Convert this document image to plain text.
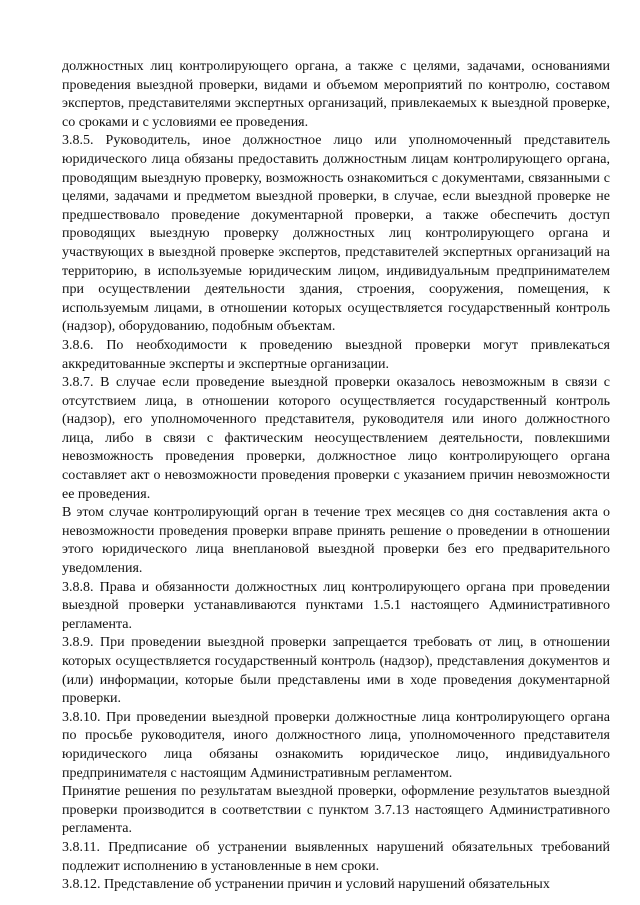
должностных лиц контролирующего органа, а также с целями, задачами, основаниями проведения выездной проверки, видами и объемом мероприятий по контролю, составом экспертов, представителями экспертных организаций, привлекаемых к выездной проверке, со сроками и с условиями ее проведения.

3.8.5. Руководитель, иное должностное лицо или уполномоченный представитель юридического лица обязаны предоставить должностным лицам контролирующего органа, проводящим выездную проверку, возможность ознакомиться с документами, связанными с целями, задачами и предметом выездной проверки, в случае, если выездной проверке не предшествовало проведение документарной проверки, а также обеспечить доступ проводящих выездную проверку должностных лиц контролирующего органа и участвующих в выездной проверке экспертов, представителей экспертных организаций на территорию, в используемые юридическим лицом, индивидуальным предпринимателем при осуществлении деятельности здания, строения, сооружения, помещения, к используемым лицами, в отношении которых осуществляется государственный контроль (надзор), оборудованию, подобным объектам.

3.8.6. По необходимости к проведению выездной проверки могут привлекаться аккредитованные эксперты и экспертные организации.

3.8.7. В случае если проведение выездной проверки оказалось невозможным в связи с отсутствием лица, в отношении которого осуществляется государственный контроль (надзор), его уполномоченного представителя, руководителя или иного должностного лица, либо в связи с фактическим неосуществлением деятельности, повлекшими невозможность проведения проверки, должностное лицо контролирующего органа составляет акт о невозможности проведения проверки с указанием причин невозможности ее проведения.

В этом случае контролирующий орган в течение трех месяцев со дня составления акта о невозможности проведения проверки вправе принять решение о проведении в отношении этого юридического лица внеплановой выездной проверки без его предварительного уведомления.

3.8.8. Права и обязанности должностных лиц контролирующего органа при проведении выездной проверки устанавливаются пунктами 1.5.1 настоящего Административного регламента.

3.8.9. При проведении выездной проверки запрещается требовать от лиц, в отношении которых осуществляется государственный контроль (надзор), представления документов и (или) информации, которые были представлены ими в ходе проведения документарной проверки.

3.8.10. При проведении выездной проверки должностные лица контролирующего органа по просьбе руководителя, иного должностного лица, уполномоченного представителя юридического лица обязаны ознакомить юридическое лицо, индивидуального предпринимателя с настоящим Административным регламентом.

Принятие решения по результатам выездной проверки, оформление результатов выездной проверки производится в соответствии с пунктом 3.7.13 настоящего Административного регламента.

3.8.11. Предписание об устранении выявленных нарушений обязательных требований подлежит исполнению в установленные в нем сроки.

3.8.12. Представление об устранении причин и условий нарушений обязательных
